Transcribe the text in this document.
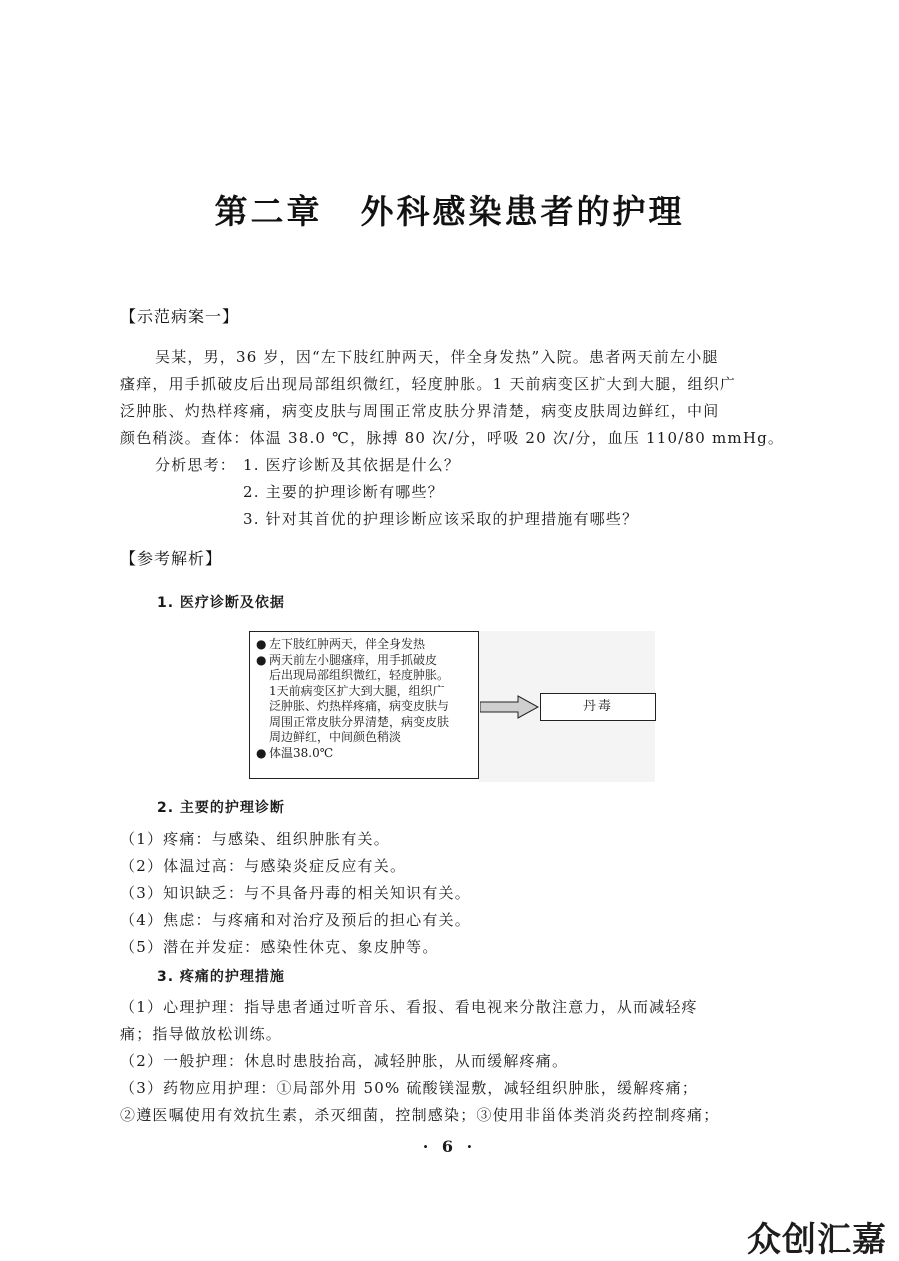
第二章 外科感染患者的护理
【示范病案一】
吴某，男，36 岁，因“左下肢红肿两天，伴全身发热”入院。患者两天前左小腿
瘙痒，用手抓破皮后出现局部组织微红，轻度肿胀。1 天前病变区扩大到大腿，组织广
泛肿胀、灼热样疼痛，病变皮肤与周围正常皮肤分界清楚，病变皮肤周边鲜红，中间
颜色稍淡。查体：体温 38.0 ℃，脉搏 80 次/分，呼吸 20 次/分，血压 110/80 mmHg。
分析思考： 1. 医疗诊断及其依据是什么？
2. 主要的护理诊断有哪些？
3. 针对其首优的护理诊断应该采取的护理措施有哪些？
【参考解析】
1. 医疗诊断及依据
● 左下肢红肿两天，伴全身发热
● 两天前左小腿瘙痒，用手抓破皮
后出现局部组织微红，轻度肿胀。
1天前病变区扩大到大腿，组织广
泛肿胀、灼热样疼痛，病变皮肤与
周围正常皮肤分界清楚，病变皮肤
周边鲜红，中间颜色稍淡
● 体温38.0℃
丹毒
2. 主要的护理诊断
（1）疼痛：与感染、组织肿胀有关。
（2）体温过高：与感染炎症反应有关。
（3）知识缺乏：与不具备丹毒的相关知识有关。
（4）焦虑：与疼痛和对治疗及预后的担心有关。
（5）潜在并发症：感染性休克、象皮肿等。
3. 疼痛的护理措施
（1）心理护理：指导患者通过听音乐、看报、看电视来分散注意力，从而减轻疼
痛；指导做放松训练。
（2）一般护理：休息时患肢抬高，减轻肿胀，从而缓解疼痛。
（3）药物应用护理：①局部外用 50% 硫酸镁湿敷，减轻组织肿胀，缓解疼痛；
②遵医嘱使用有效抗生素，杀灭细菌，控制感染；③使用非甾体类消炎药控制疼痛；
· 6 ·
众创汇嘉
